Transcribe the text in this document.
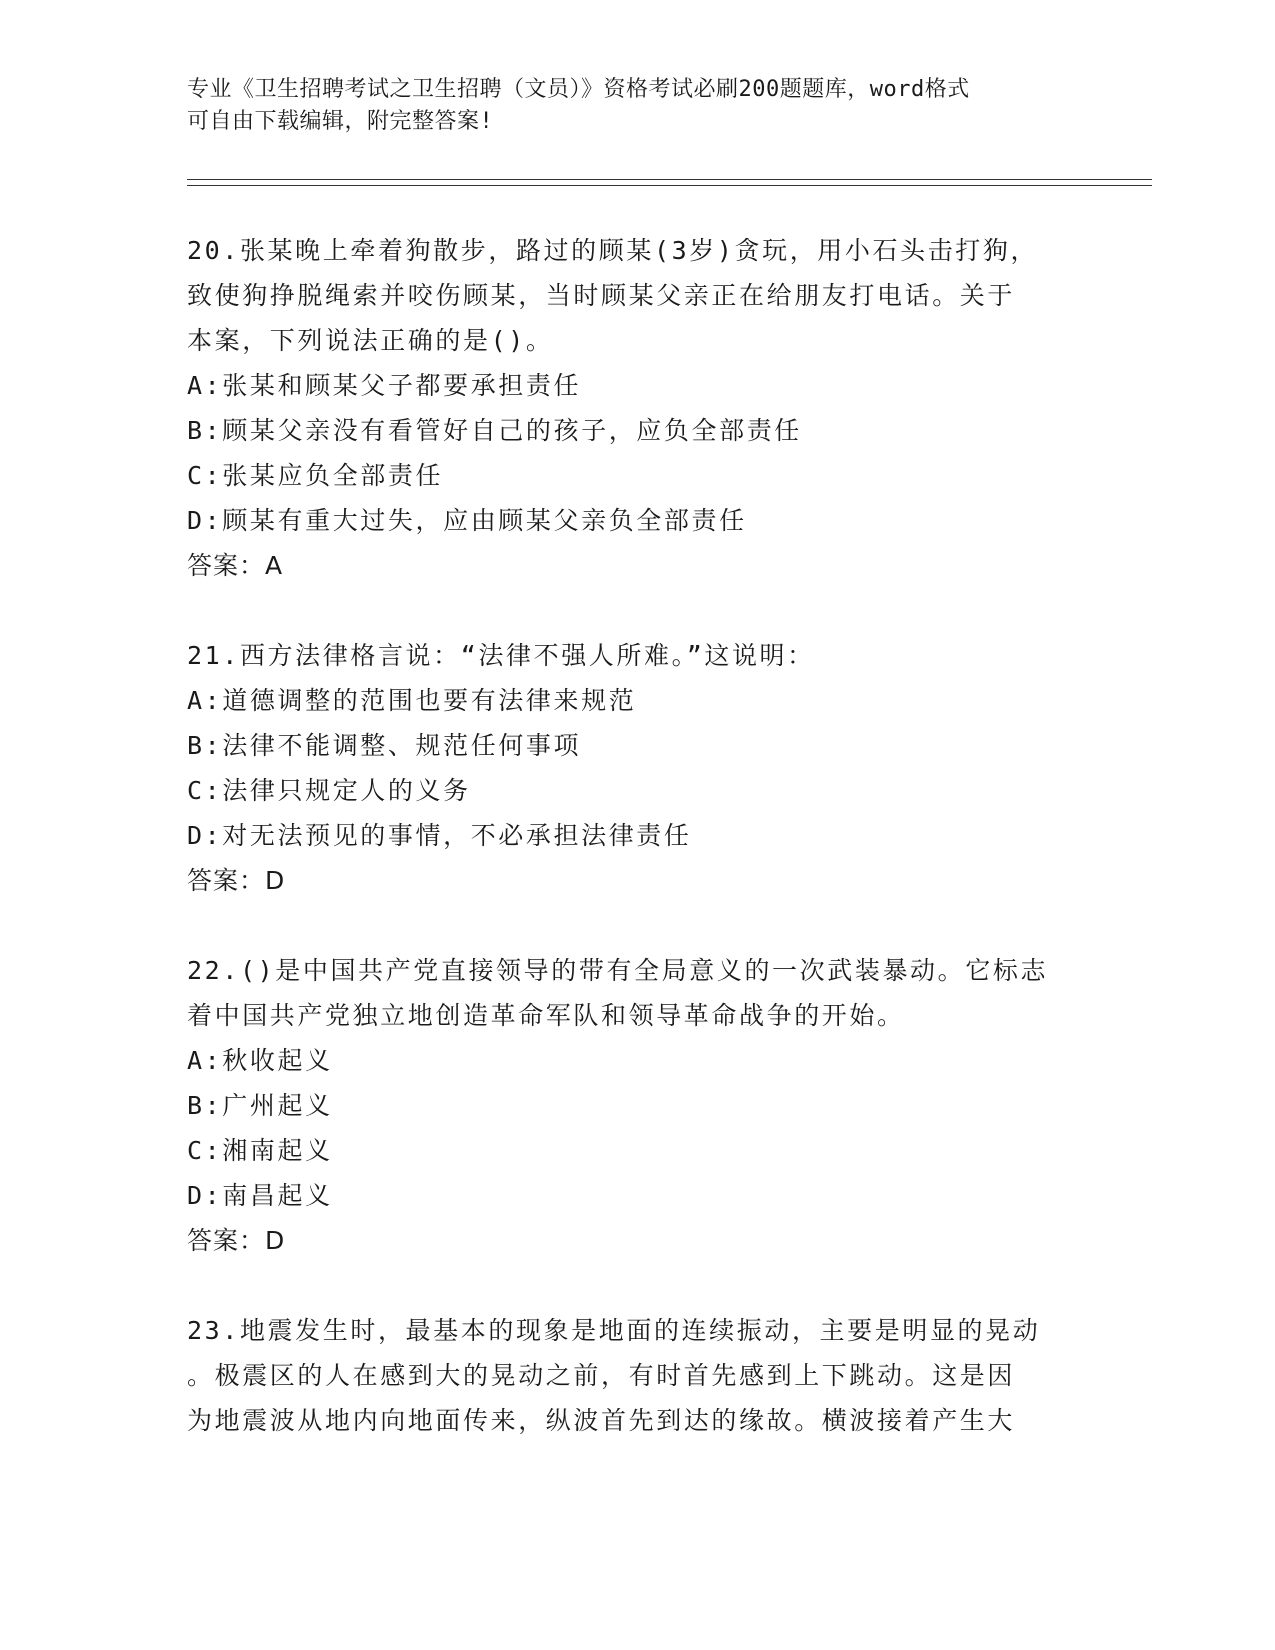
专业《卫生招聘考试之卫生招聘（文员）》资格考试必刷200题题库，word格式
可自由下载编辑，附完整答案!
20.张某晚上牵着狗散步，路过的顾某(3岁)贪玩，用小石头击打狗，
致使狗挣脱绳索并咬伤顾某，当时顾某父亲正在给朋友打电话。关于
本案，下列说法正确的是()。
A:张某和顾某父子都要承担责任
B:顾某父亲没有看管好自己的孩子，应负全部责任
C:张某应负全部责任
D:顾某有重大过失，应由顾某父亲负全部责任
答案：A
21.西方法律格言说：“法律不强人所难。”这说明：
A:道德调整的范围也要有法律来规范
B:法律不能调整、规范任何事项
C:法律只规定人的义务
D:对无法预见的事情，不必承担法律责任
答案：D
22.()是中国共产党直接领导的带有全局意义的一次武装暴动。它标志
着中国共产党独立地创造革命军队和领导革命战争的开始。
A:秋收起义
B:广州起义
C:湘南起义
D:南昌起义
答案：D
23.地震发生时，最基本的现象是地面的连续振动，主要是明显的晃动
。极震区的人在感到大的晃动之前，有时首先感到上下跳动。这是因
为地震波从地内向地面传来，纵波首先到达的缘故。横波接着产生大
